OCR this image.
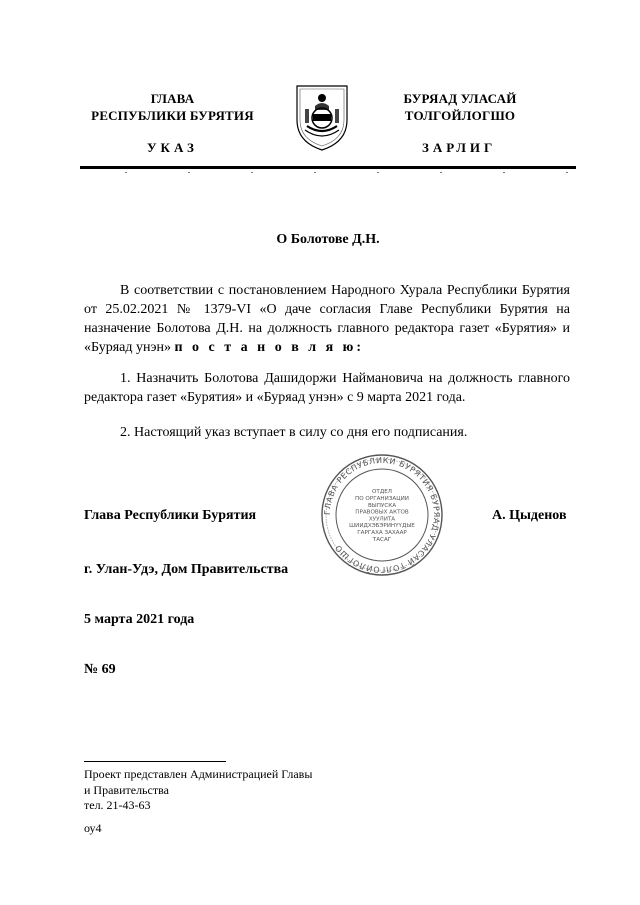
ГЛАВА
РЕСПУБЛИКИ БУРЯТИЯ
УКАЗ
БУРЯАД УЛАСАЙ
ТОЛГОЙЛОГШО
ЗАРЛИГ
О Болотове Д.Н.
В соответствии с постановлением Народного Хурала Республики Бурятия от 25.02.2021 № 1379-VI «О даче согласия Главе Республики Бурятия на назначение Болотова Д.Н. на должность главного редактора газет «Бурятия» и «Буряад унэн» п о с т а н о в л я ю:
1. Назначить Болотова Дашидоржи Наймановича на должность главного редактора газет «Бурятия» и «Буряад унэн» с 9 марта 2021 года.
2. Настоящий указ вступает в силу со дня его подписания.
Глава Республики Бурятия	ГЛАВА РЕСПУБЛИКИ БУРЯТИЯ БУРЯАД УЛАСАЙ ТОЛГОЙЛОГШО
ОТДЕЛ
ПО ОРГАНИЗАЦИИ
ВЫПУСКА
ПРАВОВЫХ АКТОВ
ХУУЛИТА
ШИИДХЭБЭРИНҮҮДЫЕ
ГАРГАХА ЗАХААР
ТАСАГ
А. Цыденов
г. Улан-Удэ, Дом Правительства
5 марта 2021 года
№ 69
Проект представлен Администрацией Главы
и Правительства
тел. 21-43-63
оу4
